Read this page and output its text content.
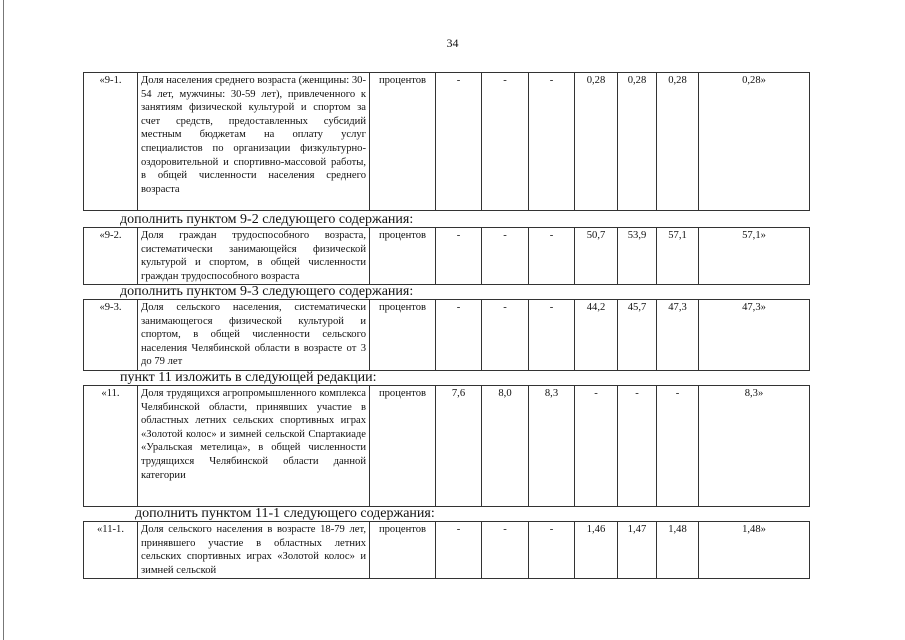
34
«9-1.	Доля населения среднего возраста (женщины: 30-54 лет, мужчины: 30-59 лет), привлеченного к занятиям физической культурой и спортом за счет средств, предоставленных субсидий местным бюджетам на оплату услуг специалистов по организации физкультурно-оздоровительной и спортивно-массовой работы, в общей численности населения среднего возраста	процентов	-	-	-	0,28	0,28	0,28	0,28»
дополнить пунктом 9-2 следующего содержания:
«9-2.	Доля граждан трудоспособного возраста, систематически занимающейся физической культурой и спортом, в общей численности граждан трудоспособного возраста	процентов	-	-	-	50,7	53,9	57,1	57,1»
дополнить пунктом 9-3 следующего содержания:
«9-3.	Доля сельского населения, систематически занимающегося физической культурой и спортом, в общей численности сельского населения Челябинской области в возрасте от 3 до 79 лет	процентов	-	-	-	44,2	45,7	47,3	47,3»
пункт 11 изложить в следующей редакции:
«11.	Доля трудящихся агропромышленного комплекса Челябинской области, принявших участие в областных летних сельских спортивных играх «Золотой колос» и зимней сельской Спартакиаде «Уральская метелица», в общей численности трудящихся Челябинской области данной категории	процентов	7,6	8,0	8,3	-	-	-	8,3»
дополнить пунктом 11-1 следующего содержания:
«11-1.	Доля сельского населения в возрасте 18-79 лет, принявшего участие в областных летних сельских спортивных играх «Золотой колос» и зимней сельской	процентов	-	-	-	1,46	1,47	1,48	1,48»
